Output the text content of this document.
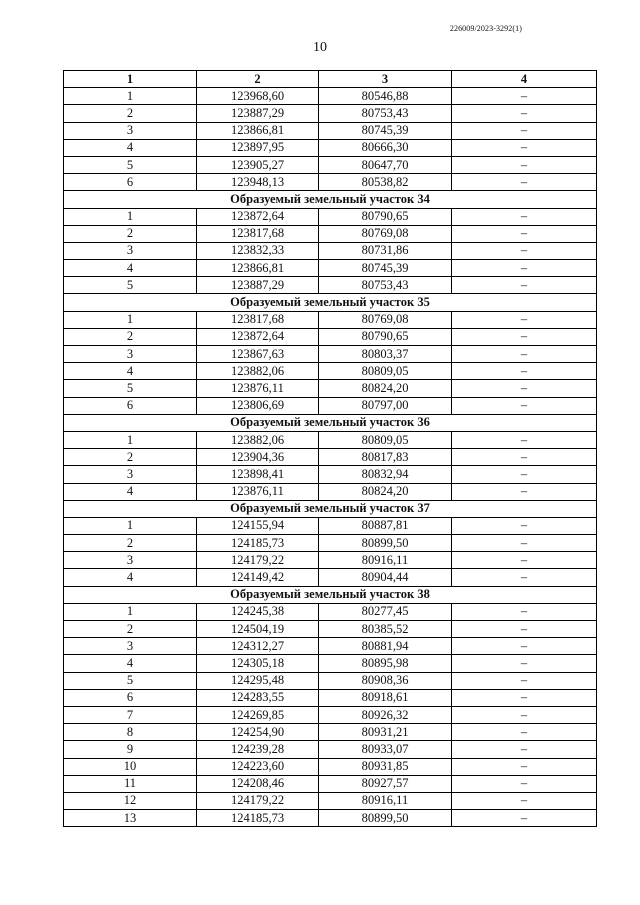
226009/2023-3292(1)
10
1	2	3	4
1	123968,60	80546,88	–
2	123887,29	80753,43	–
3	123866,81	80745,39	–
4	123897,95	80666,30	–
5	123905,27	80647,70	–
6	123948,13	80538,82	–
Образуемый земельный участок 34			
1	123872,64	80790,65	–
2	123817,68	80769,08	–
3	123832,33	80731,86	–
4	123866,81	80745,39	–
5	123887,29	80753,43	–
Образуемый земельный участок 35			
1	123817,68	80769,08	–
2	123872,64	80790,65	–
3	123867,63	80803,37	–
4	123882,06	80809,05	–
5	123876,11	80824,20	–
6	123806,69	80797,00	–
Образуемый земельный участок 36			
1	123882,06	80809,05	–
2	123904,36	80817,83	–
3	123898,41	80832,94	–
4	123876,11	80824,20	–
Образуемый земельный участок 37			
1	124155,94	80887,81	–
2	124185,73	80899,50	–
3	124179,22	80916,11	–
4	124149,42	80904,44	–
Образуемый земельный участок 38			
1	124245,38	80277,45	–
2	124504,19	80385,52	–
3	124312,27	80881,94	–
4	124305,18	80895,98	–
5	124295,48	80908,36	–
6	124283,55	80918,61	–
7	124269,85	80926,32	–
8	124254,90	80931,21	–
9	124239,28	80933,07	–
10	124223,60	80931,85	–
11	124208,46	80927,57	–
12	124179,22	80916,11	–
13	124185,73	80899,50	–
